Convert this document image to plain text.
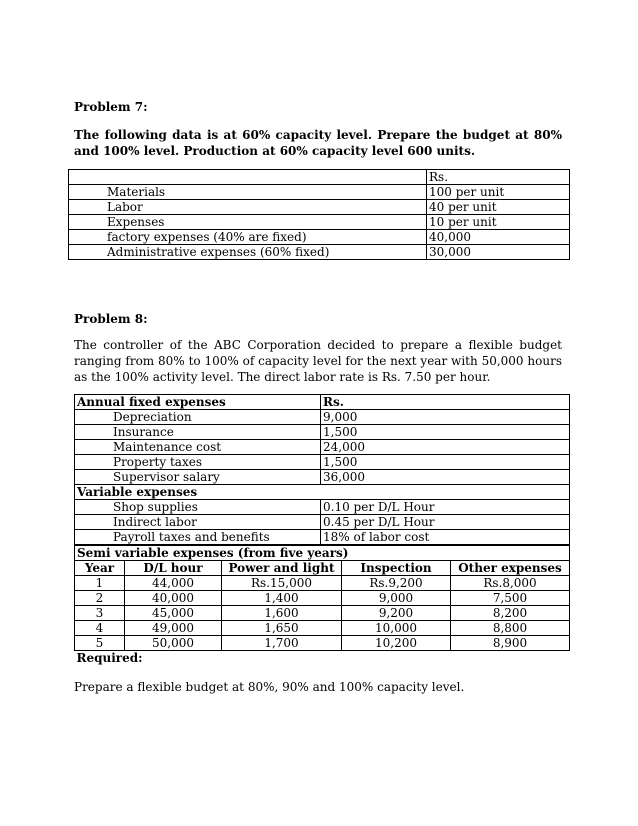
Problem 7:
The following data is at 60% capacity level. Prepare the budget at 80% and 100% level. Production at 60% capacity level 600 units.
	Rs.
Materials	100 per unit
Labor	40 per unit
Expenses	10 per unit
factory expenses (40% are fixed)	40,000
Administrative expenses (60% fixed)	30,000
Problem 8:
The controller of the ABC Corporation decided to prepare a flexible budget ranging from 80% to 100% of capacity level for the next year with 50,000 hours as the 100% activity level. The direct labor rate is Rs. 7.50 per hour.
Annual fixed expenses	Rs.
Depreciation	9,000
Insurance	1,500
Maintenance cost	24,000
Property taxes	1,500
Supervisor salary	36,000
Variable expenses	
Shop supplies	0.10 per D/L Hour
Indirect labor	0.45 per D/L Hour
Payroll taxes and benefits	18% of labor cost
Semi variable expenses (from five years)				
Year	D/L hour	Power and light	Inspection	Other expenses
1	44,000	Rs.15,000	Rs.9,200	Rs.8,000
2	40,000	1,400	9,000	7,500
3	45,000	1,600	9,200	8,200
4	49,000	1,650	10,000	8,800
5	50,000	1,700	10,200	8,900
Required:				
Prepare a flexible budget at 80%, 90% and 100% capacity level.
